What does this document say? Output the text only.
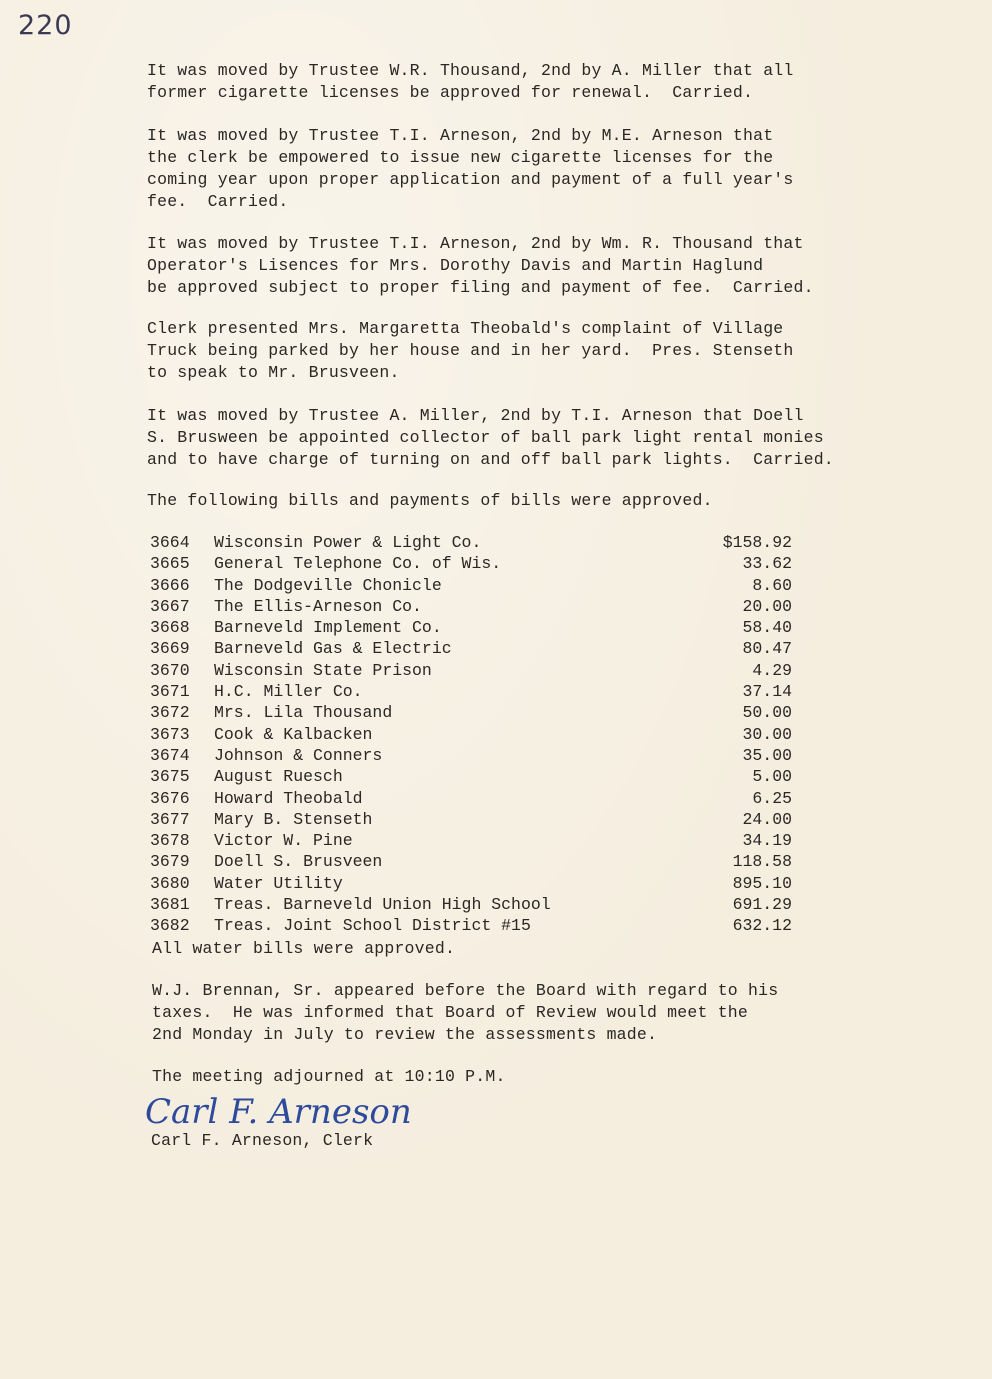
220
It was moved by Trustee W.R. Thousand, 2nd by A. Miller that all
former cigarette licenses be approved for renewal.  Carried.
It was moved by Trustee T.I. Arneson, 2nd by M.E. Arneson that
the clerk be empowered to issue new cigarette licenses for the
coming year upon proper application and payment of a full year's
fee.  Carried.
It was moved by Trustee T.I. Arneson, 2nd by Wm. R. Thousand that
Operator's Lisences for Mrs. Dorothy Davis and Martin Haglund
be approved subject to proper filing and payment of fee.  Carried.
Clerk presented Mrs. Margaretta Theobald's complaint of Village
Truck being parked by her house and in her yard.  Pres. Stenseth
to speak to Mr. Brusveen.
It was moved by Trustee A. Miller, 2nd by T.I. Arneson that Doell
S. Brusween be appointed collector of ball park light rental monies
and to have charge of turning on and off ball park lights.  Carried.
The following bills and payments of bills were approved.
3664 Wisconsin Power & Light Co.	$158.92
3665 General Telephone Co. of Wis.	33.62
3666 The Dodgeville Chonicle	8.60
3667 The Ellis-Arneson Co.	20.00
3668 Barneveld Implement Co.	58.40
3669 Barneveld Gas & Electric	80.47
3670 Wisconsin State Prison	4.29
3671 H.C. Miller Co.	37.14
3672 Mrs. Lila Thousand	50.00
3673 Cook & Kalbacken	30.00
3674 Johnson & Conners	35.00
3675 August Ruesch	5.00
3676 Howard Theobald	6.25
3677 Mary B. Stenseth	24.00
3678 Victor W. Pine	34.19
3679 Doell S. Brusveen	118.58
3680 Water Utility	895.10
3681 Treas. Barneveld Union High School	691.29
3682 Treas. Joint School District #15	632.12
All water bills were approved.
W.J. Brennan, Sr. appeared before the Board with regard to his
taxes.  He was informed that Board of Review would meet the
2nd Monday in July to review the assessments made.
The meeting adjourned at 10:10 P.M.
Carl F. Arneson
Carl F. Arneson, Clerk
